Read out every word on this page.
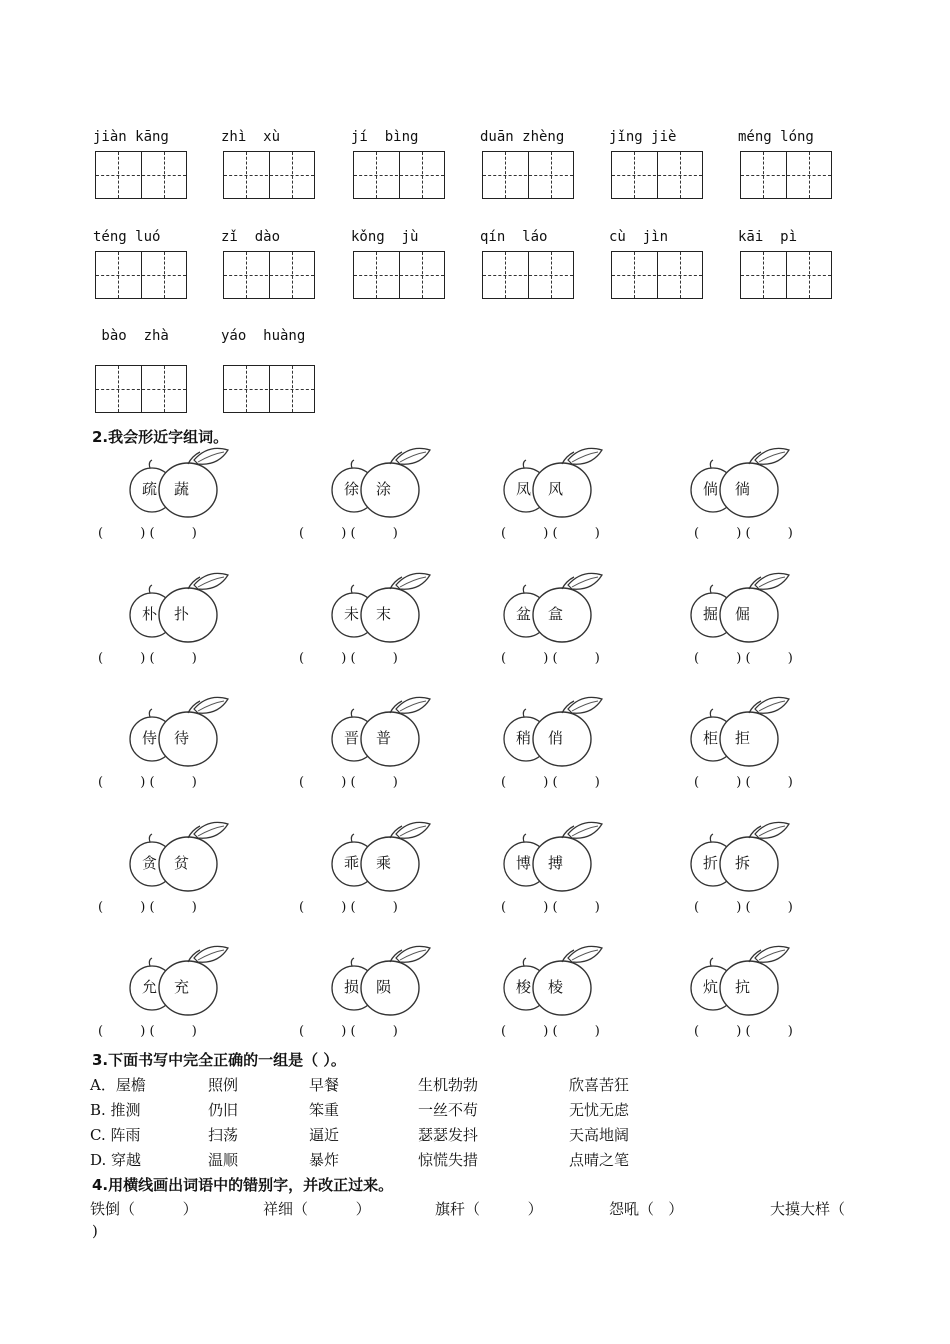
jiàn kāng	zhì  xù	jí  bìng	duān zhèng	jǐng jiè	méng lóng
téng luó	zǐ  dào	kǒng  jù	qín  láo	cù  jìn	kāi  pì
bào  zhà	yáo  huàng
2.我会形近字组词。
疏 蔬
(         ) (         )
徐 涂
(         ) (         )
凤 风
(         ) (         )
倘 徜
(         ) (         )
朴 扑
(         ) (         )
未 末
(         ) (         )
盆 盒
(         ) (         )
掘 倔
(         ) (         )
侍 待
(         ) (         )
晋 普
(         ) (         )
稍 俏
(         ) (         )
柜 拒
(         ) (         )
贪 贫
(         ) (         )
乖 乘
(         ) (         )
博 搏
(         ) (         )
折 拆
(         ) (         )
允 充
(         ) (         )
损 陨
(         ) (         )
梭 棱
(         ) (         )
炕 抗
(         ) (         )
3.下面书写中完全正确的一组是（ ）。
A．屋檐	照例	早餐	生机勃勃	欣喜苦狂
B. 推测	仍旧	笨重	一丝不苟	无忧无虑
C. 阵雨	扫荡	逼近	瑟瑟发抖	天高地阔
D. 穿越	温顺	暴炸	惊慌失措	点晴之笔
4.用横线画出词语中的错别字，并改正过来。
铁倒（          ）	祥细（          ）	旗秆（          ）	怨吼（   ）	大摸大样（
)
